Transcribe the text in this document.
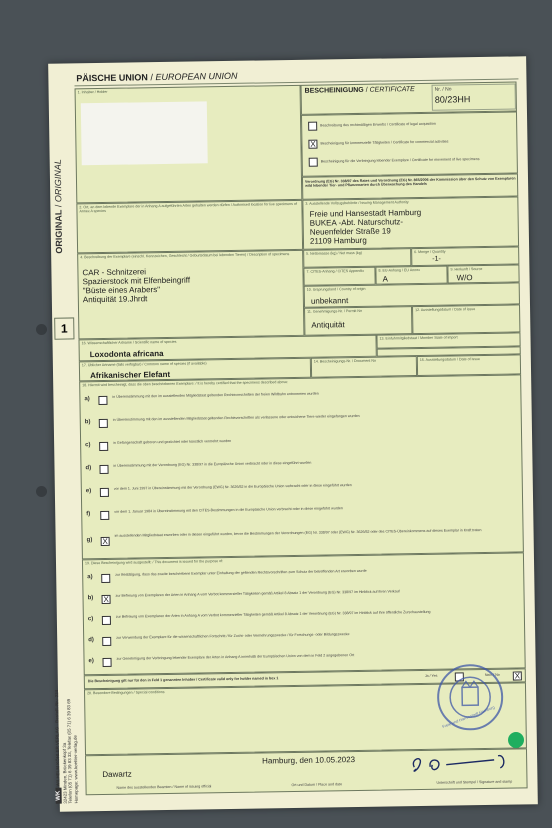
PÄISCHE UNION / EUROPEAN UNION
ORIGINAL / ORIGINAL
1
WK WILHELM KÖHLER VERLAG · Bestell.-Nr.: 224
32423 Minden, Brückenkopf 3a
Telefon (05 71) 6 39 83 33, Telefax (05 71) 6 39 83 69 Homepage: www.koehler-verlag.de
1. Inhaber / Holder	BESCHEINIGUNG / CERTIFICATE	Nr. / No
80/23HH
Beschreibung des rechtmäßigen Erwerbs / Certificate of legal acquisition
X	Bescheinigung für kommerzielle Tätigkeiten / Certificate for commercial activities
Bescheinigung für die Verbringung lebender Exemplare / Certificate for movement of live specimens
Verordnung (EG) Nr. 338/97 des Rates und Verordnung (EG) Nr. 865/2006 der Kommission über den Schutz von Exemplaren wild lebender Tier- und Pflanzenarten durch Überwachung des Handels
2. Ort, an dem lebende Exemplare der in Anhang A aufgeführten Arten gehalten werden dürfen / Authorised location for live specimens of Annex A species
3. Ausstellende Vollzugsbehörde / Issuing Management Authority
Freie und Hansestadt Hamburg
BUKEA -Abt. Naturschutz-
Neuenfelder Straße 19
21109 Hamburg
4. Beschreibung der Exemplare (einschl. Kennzeichen, Geschlecht / Geburtsdatum bei lebenden Tieren) / Description of specimens
CAR - Schnitzerei
Spazierstock mit Elfenbeingriff
"Büste eines Arabers"
Antiquität 19.Jhrdt
5. Nettomasse (kg) / Net mass (kg)	6. Menge / Quantity
-1-
7. CITES-Anhang / CITES Appendix	8. EU-Anhang / EU Annex
A
9. Herkunft / Source
W/O
10. Ursprungsland / Country of origin
unbekannt
11. Genehmigungs-Nr. / Permit No
Antiquität
12. Ausstellungsdatum / Date of issue
13. Einfuhrmitgliedstaat / Member State of import
16. Wissenschaftlicher Artname / Scientific name of species
Loxodonta africana
17. Üblicher Artname (falls verfügbar) / Common name of species (if available)
Afrikanischer Elefant
14. Bescheinigungs-Nr. / Document No	15. Ausstellungsdatum / Date of issue
18. Hiermit wird bescheinigt, dass die oben beschriebenen Exemplare: / It is hereby certified that the specimens described above:
a)
in Übereinstimmung mit den im ausstellenden Mitgliedstaat geltenden Rechtsvorschriften der freien Wildbahn entnommen wurden
b)
in Übereinstimmung mit den im ausstellenden Mitgliedstaat geltenden Rechtsvorschriften als verlassene oder entwichene Tiere wieder eingefangen wurden
c)
in Gefangenschaft geboren und gezüchtet oder künstlich vermehrt wurden
d)
in Übereinstimmung mit der Verordnung (EG) Nr. 338/97 in die Europäische Union verbracht oder in diese eingeführt wurden
e)
vor dem 1. Juni 1997 in Übereinstimmung mit der Verordnung (EWG) Nr. 3626/82 in die Europäische Union verbracht oder in diese eingeführt wurden
f)
vor dem 1. Januar 1984 in Übereinstimmung mit den CITES-Bestimmungen in die Europäische Union verbracht oder in diese eingeführt wurden
g) X
im ausstellenden Mitgliedstaat erworben oder in diesen eingeführt wurden, bevor die Bestimmungen der Verordnungen (EG) Nr. 338/97 oder (EWG) Nr. 3626/82 oder des CITES-Übereinkommens auf dieses Exemplar in Kraft traten
19. Diese Bescheinigung wird ausgestellt: / This document is issued for the purpose of:
a)
zur Bestätigung, dass das zweite beschriebene Exemplar unter Einhaltung der geltenden Rechtsvorschriften zum Schutz der betreffenden Art erworben wurde
b) X
zur Befreiung von Exemplaren der Arten in Anhang A vom Verbot kommerzieller Tätigkeiten gemäß Artikel 8 Absatz 1 der Verordnung (EG) Nr. 338/97 im Hinblick auf ihren Verkauf
c)
zur Befreiung von Exemplaren der Arten in Anhang A vom Verbot kommerzieller Tätigkeiten gemäß Artikel 8 Absatz 1 der Verordnung (EG) Nr. 338/97 im Hinblick auf ihre öffentliche Zurschaustellung
d)
zur Verwendung der Exemplare für die wissenschaftlichen Fortschritt / für Zucht- oder Vermehrungszwecke / für Forschungs- oder Bildungszwecke
e)
zur Genehmigung der Verbringung lebender Exemplare der Arten in Anhang A innerhalb der Europäischen Union von dem in Feld 2 angegebenen Ort
Die Bescheinigung gilt nur für den in Feld 1 genannten Inhaber / Certificate valid only for holder named in box 1
Ja / Yes	Nein / No	X
20. Besondere Bedingungen / Special conditions
Freie und Hansestadt Hamburg
Dawartz
Name des ausstellenden Beamten / Name of issuing official
Hamburg, den 10.05.2023
Ort und Datum / Place and date	Unterschrift und Stempel / Signature and stamp
